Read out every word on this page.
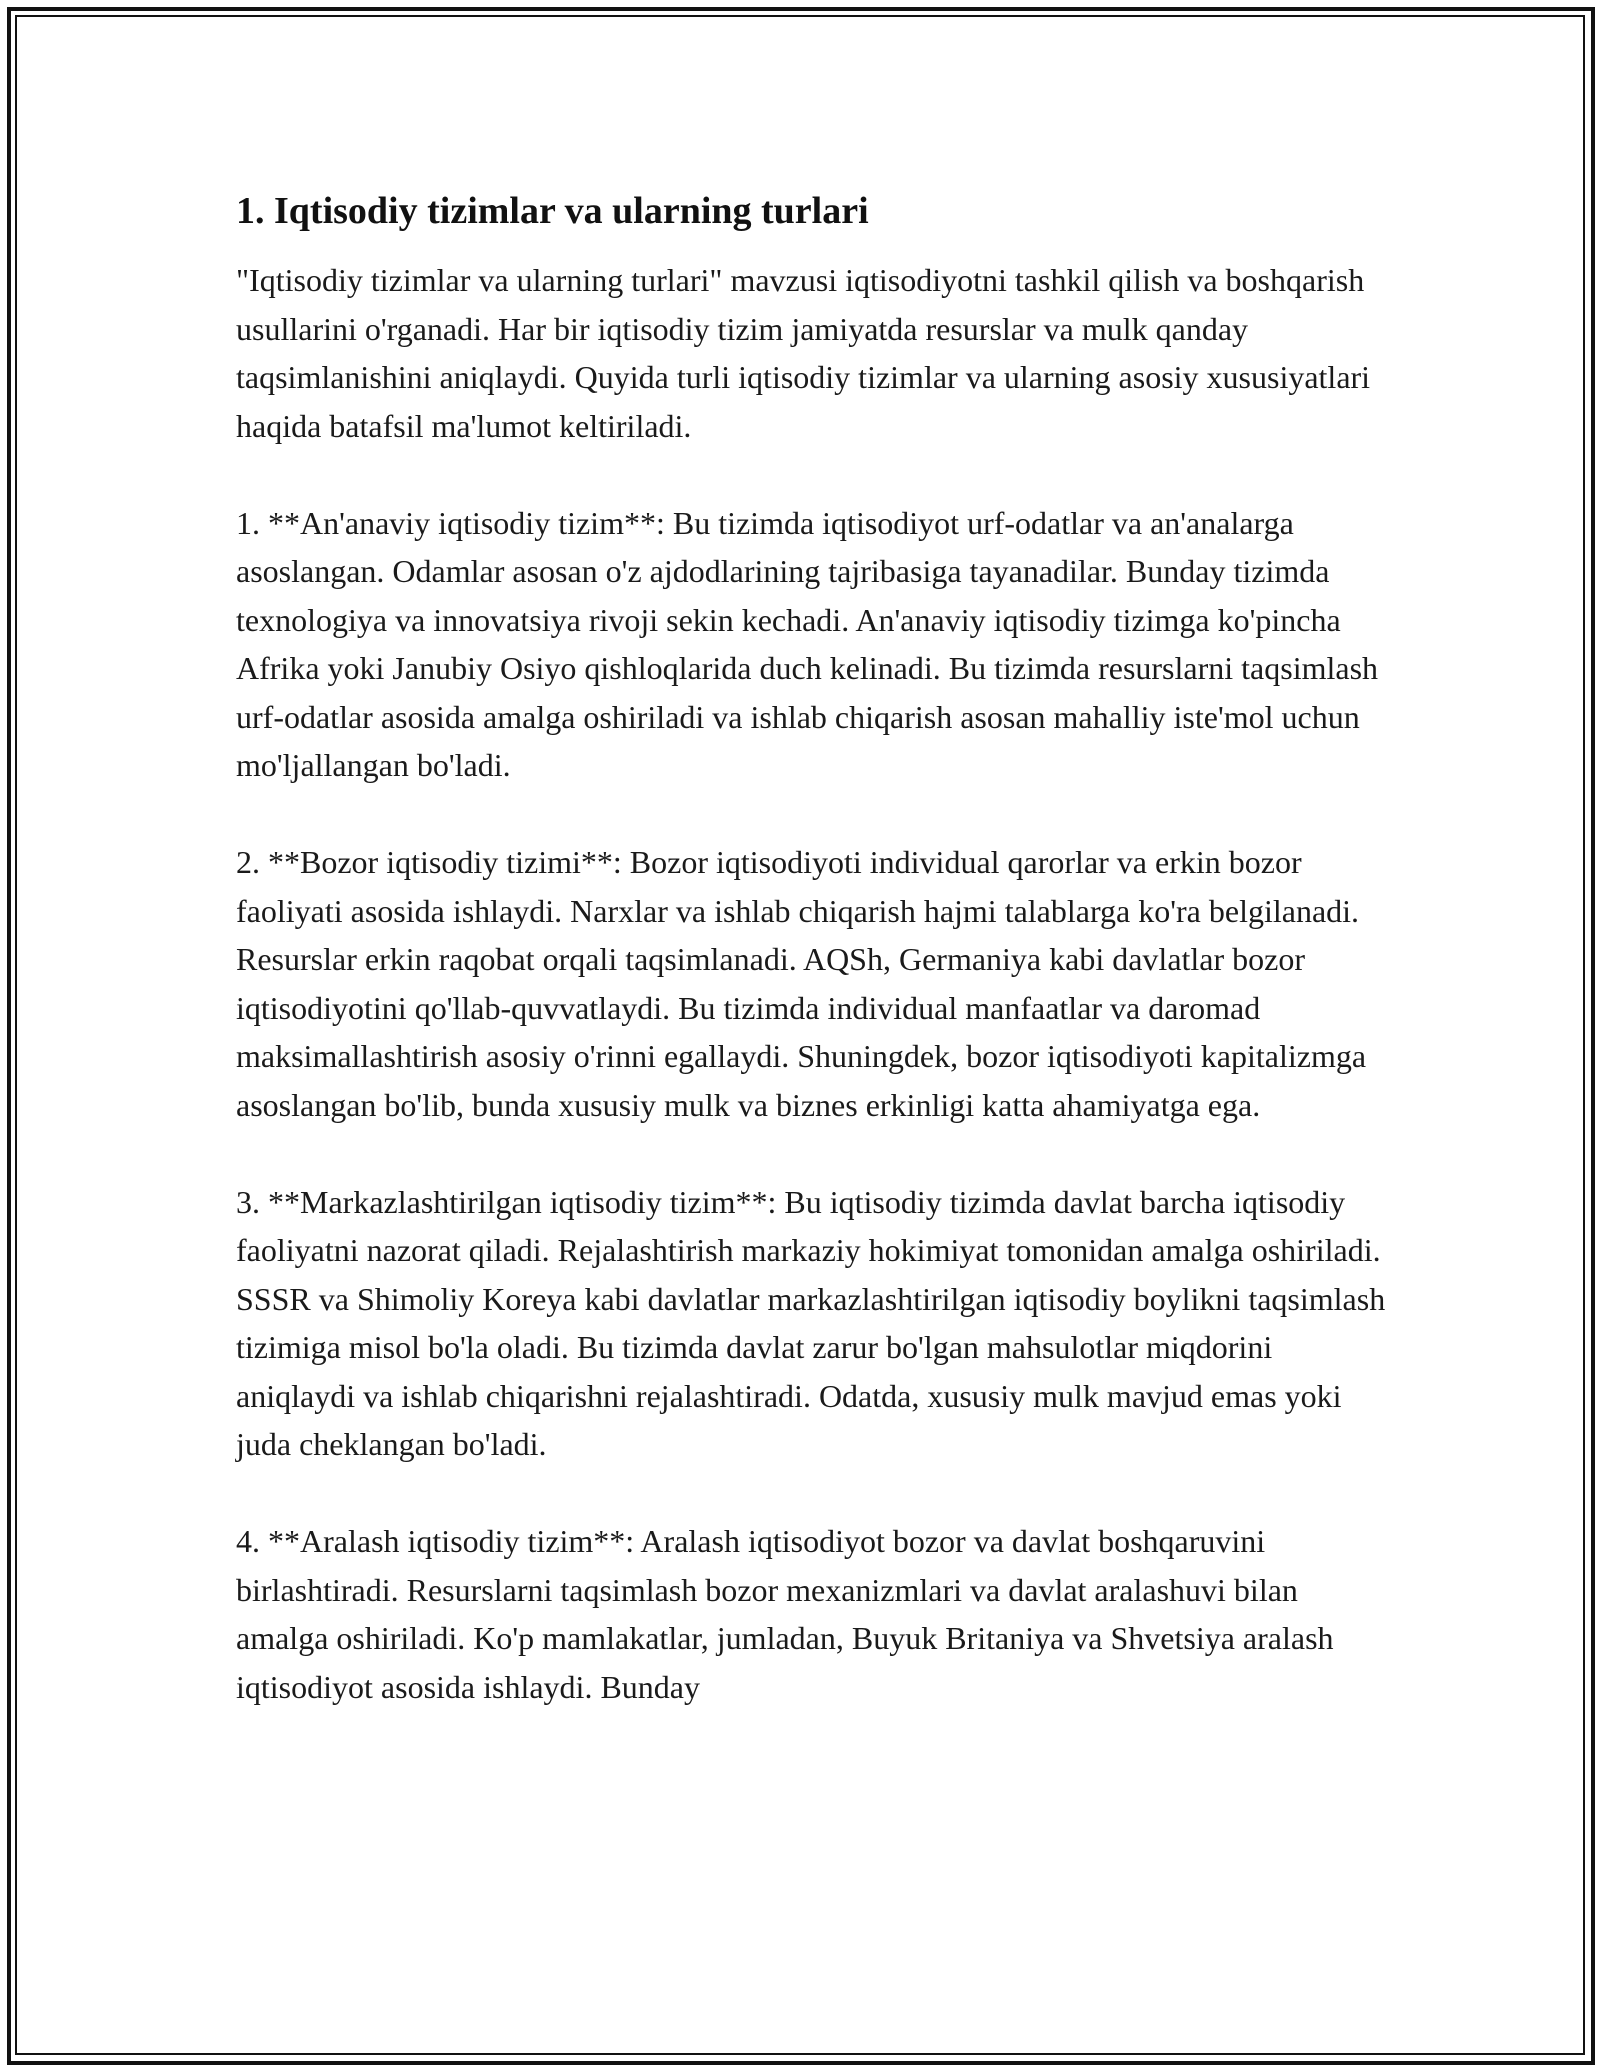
1. Iqtisodiy tizimlar va ularning turlari

"Iqtisodiy tizimlar va ularning turlari" mavzusi iqtisodiyotni tashkil qilish va boshqarish usullarini o'rganadi. Har bir iqtisodiy tizim jamiyatda resurslar va mulk qanday taqsimlanishini aniqlaydi. Quyida turli iqtisodiy tizimlar va ularning asosiy xususiyatlari haqida batafsil ma'lumot keltiriladi.

1. **An'anaviy iqtisodiy tizim**: Bu tizimda iqtisodiyot urf-odatlar va an'analarga asoslangan. Odamlar asosan o'z ajdodlarining tajribasiga tayanadilar. Bunday tizimda texnologiya va innovatsiya rivoji sekin kechadi. An'anaviy iqtisodiy tizimga ko'pincha Afrika yoki Janubiy Osiyo qishloqlarida duch kelinadi. Bu tizimda resurslarni taqsimlash urf-odatlar asosida amalga oshiriladi va ishlab chiqarish asosan mahalliy iste'mol uchun mo'ljallangan bo'ladi.

2. **Bozor iqtisodiy tizimi**: Bozor iqtisodiyoti individual qarorlar va erkin bozor faoliyati asosida ishlaydi. Narxlar va ishlab chiqarish hajmi talablarga ko'ra belgilanadi. Resurslar erkin raqobat orqali taqsimlanadi. AQSh, Germaniya kabi davlatlar bozor iqtisodiyotini qo'llab-quvvatlaydi. Bu tizimda individual manfaatlar va daromad maksimallashtirish asosiy o'rinni egallaydi. Shuningdek, bozor iqtisodiyoti kapitalizmga asoslangan bo'lib, bunda xususiy mulk va biznes erkinligi katta ahamiyatga ega.

3. **Markazlashtirilgan iqtisodiy tizim**: Bu iqtisodiy tizimda davlat barcha iqtisodiy faoliyatni nazorat qiladi. Rejalashtirish markaziy hokimiyat tomonidan amalga oshiriladi. SSSR va Shimoliy Koreya kabi davlatlar markazlashtirilgan iqtisodiy boylikni taqsimlash tizimiga misol bo'la oladi. Bu tizimda davlat zarur bo'lgan mahsulotlar miqdorini aniqlaydi va ishlab chiqarishni rejalashtiradi. Odatda, xususiy mulk mavjud emas yoki juda cheklangan bo'ladi.

4. **Aralash iqtisodiy tizim**: Aralash iqtisodiyot bozor va davlat boshqaruvini birlashtiradi. Resurslarni taqsimlash bozor mexanizmlari va davlat aralashuvi bilan amalga oshiriladi. Ko'p mamlakatlar, jumladan, Buyuk Britaniya va Shvetsiya aralash iqtisodiyot asosida ishlaydi. Bunday
